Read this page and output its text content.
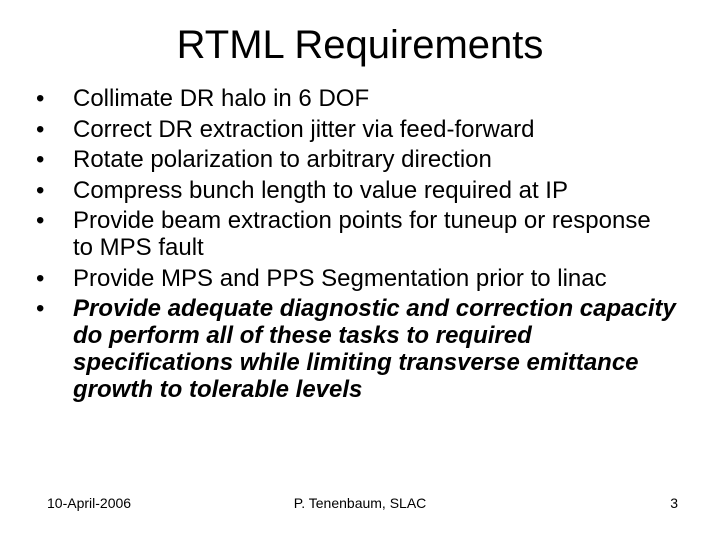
RTML Requirements
•	Collimate DR halo in 6 DOF
•	Correct DR extraction jitter via feed-forward
•	Rotate polarization to arbitrary direction
•	Compress bunch length to value required at IP
•	Provide beam extraction points for tuneup or response to MPS fault
•	Provide MPS and PPS Segmentation prior to linac
•	Provide adequate diagnostic and correction capacity do perform all of these tasks to required specifications while limiting transverse emittance growth to tolerable levels
10-April-2006	P. Tenenbaum, SLAC	3
